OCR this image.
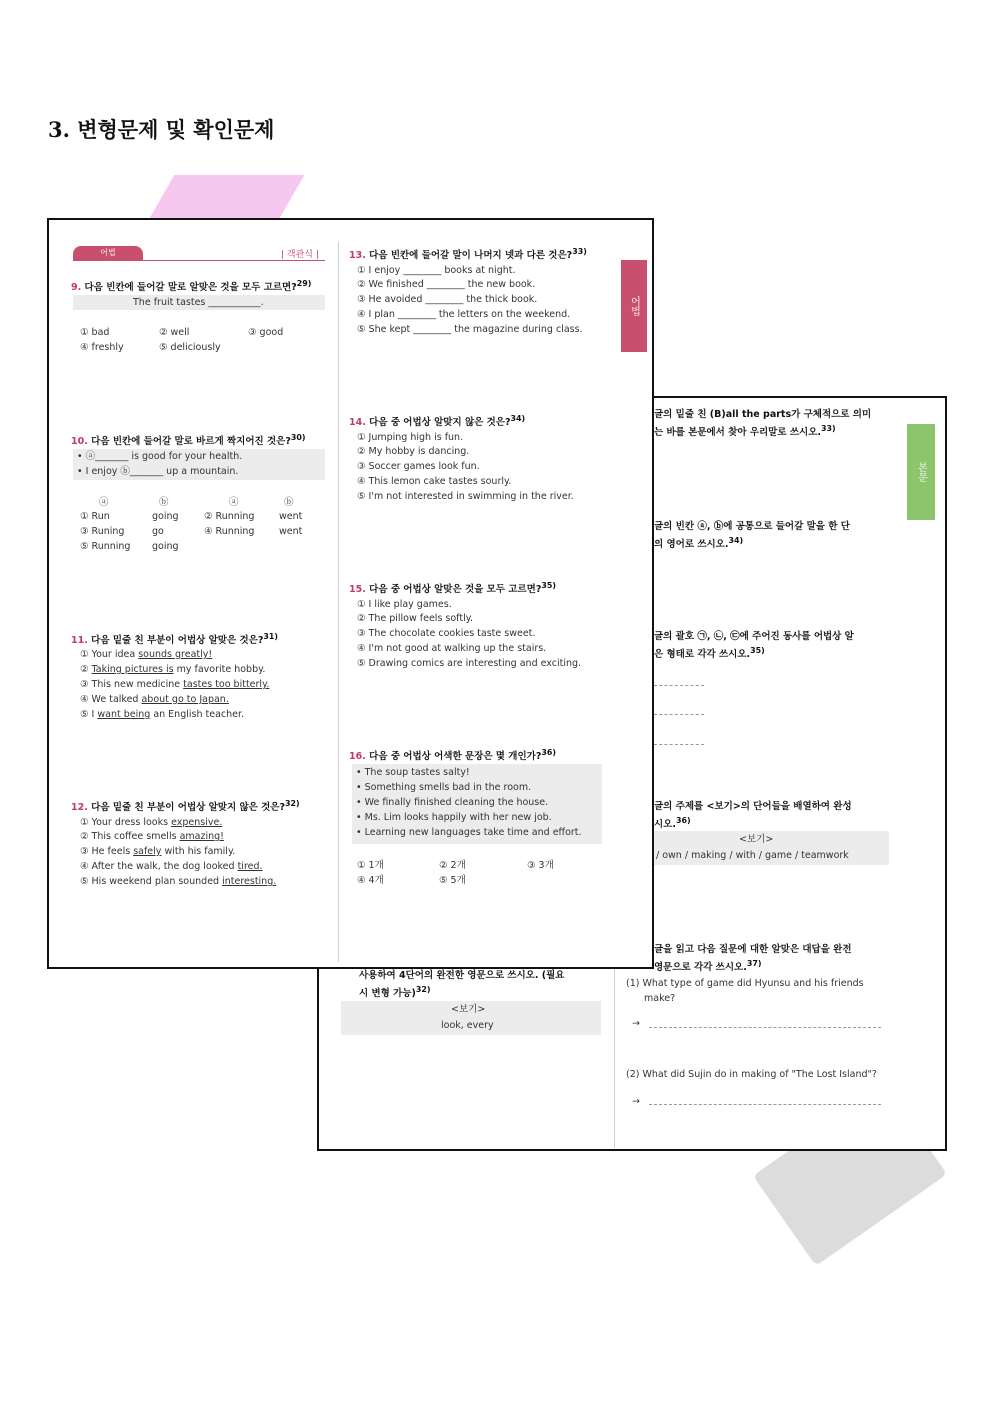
3. 변형문제 및 확인문제
본문
글의 밑줄 친 (B)all the parts가 구체적으로 의미
는 바를 본문에서 찾아 우리말로 쓰시오.$^{33)}$
글의 빈칸 ⓐ, ⓑ에 공통으로 들어갈 말을 한 단
의 영어로 쓰시오.$^{34)}$
글의 괄호 ㉠, ㉡, ㉢에 주어진 동사를 어법상 알
은 형태로 각각 쓰시오.$^{35)}$
글의 주제를 <보기>의 단어들을 배열하여 완성
시오.$^{36)}$
<보기>
/ own / making / with / game / teamwork
글을 읽고 다음 질문에 대한 알맞은 대답을 완전
영문으로 각각 쓰시오.$^{37)}$
(1) What type of game did Hyunsu and his friends
make?
→
(2) What did Sujin do in making of "The Lost Island"?
→
사용하여 4단어의 완전한 영문으로 쓰시오. (필요
시 변형 가능)$^{32)}$
<보기>
look, every
어법	| 객관식 |
어법
9. 다음 빈칸에 들어갈 말로 알맞은 것을 모두 고르면?$^{29)}$
The fruit tastes ___________.
① bad	② well	③ good
④ freshly	⑤ deliciously
10. 다음 빈칸에 들어갈 말로 바르게 짝지어진 것은?$^{30)}$
• ⓐ_______ is good for your health.
• I enjoy ⓑ_______ up a mountain.
ⓐ	ⓑ	ⓐ	ⓑ
① Run	going	② Running	went
③ Runing	go	④ Running	went
⑤ Running going
11. 다음 밑줄 친 부분이 어법상 알맞은 것은?$^{31)}$
① Your idea sounds greatly!
② Taking pictures is my favorite hobby.
③ This new medicine tastes too bitterly.
④ We talked about go to Japan.
⑤ I want being an English teacher.
12. 다음 밑줄 친 부분이 어법상 알맞지 않은 것은?$^{32)}$
① Your dress looks expensive.
② This coffee smells amazing!
③ He feels safely with his family.
④ After the walk, the dog looked tired.
⑤ His weekend plan sounded interesting.
13. 다음 빈칸에 들어갈 말이 나머지 넷과 다른 것은?$^{33)}$
① I enjoy ________ books at night.
② We finished ________ the new book.
③ He avoided ________ the thick book.
④ I plan ________ the letters on the weekend.
⑤ She kept ________ the magazine during class.
14. 다음 중 어법상 알맞지 않은 것은?$^{34)}$
① Jumping high is fun.
② My hobby is dancing.
③ Soccer games look fun.
④ This lemon cake tastes sourly.
⑤ I'm not interested in swimming in the river.
15. 다음 중 어법상 알맞은 것을 모두 고르면?$^{35)}$
① I like play games.
② The pillow feels softly.
③ The chocolate cookies taste sweet.
④ I'm not good at walking up the stairs.
⑤ Drawing comics are interesting and exciting.
16. 다음 중 어법상 어색한 문장은 몇 개인가?$^{36)}$
• The soup tastes salty!
• Something smells bad in the room.
• We finally finished cleaning the house.
• Ms. Lim looks happily with her new job.
• Learning new languages take time and effort.
① 1개	② 2개	③ 3개
④ 4개	⑤ 5개
